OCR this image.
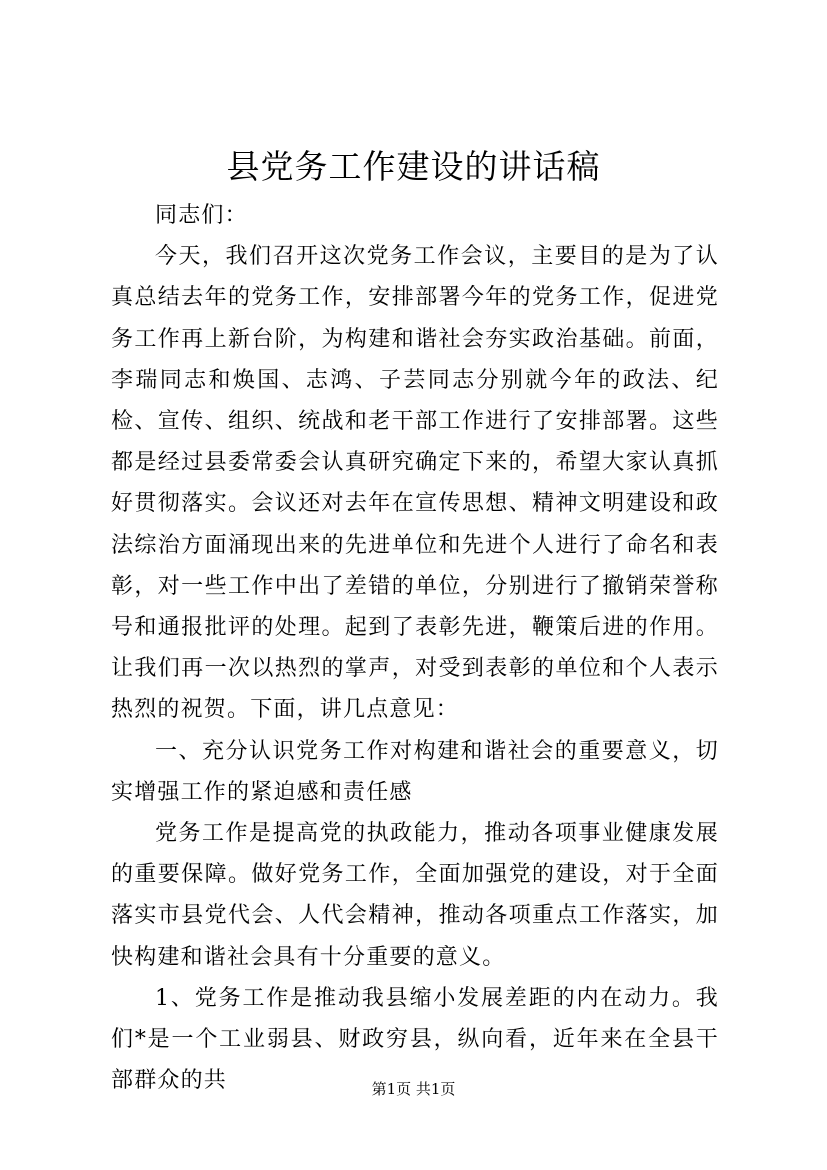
县党务工作建设的讲话稿

同志们：

今天，我们召开这次党务工作会议，主要目的是为了认真总结去年的党务工作，安排部署今年的党务工作，促进党务工作再上新台阶，为构建和谐社会夯实政治基础。前面，李瑞同志和焕国、志鸿、子芸同志分别就今年的政法、纪检、宣传、组织、统战和老干部工作进行了安排部署。这些都是经过县委常委会认真研究确定下来的，希望大家认真抓好贯彻落实。会议还对去年在宣传思想、精神文明建设和政法综治方面涌现出来的先进单位和先进个人进行了命名和表彰，对一些工作中出了差错的单位，分别进行了撤销荣誉称号和通报批评的处理。起到了表彰先进，鞭策后进的作用。让我们再一次以热烈的掌声，对受到表彰的单位和个人表示热烈的祝贺。下面，讲几点意见：

一、充分认识党务工作对构建和谐社会的重要意义，切实增强工作的紧迫感和责任感

党务工作是提高党的执政能力，推动各项事业健康发展的重要保障。做好党务工作，全面加强党的建设，对于全面落实市县党代会、人代会精神，推动各项重点工作落实，加快构建和谐社会具有十分重要的意义。

1、党务工作是推动我县缩小发展差距的内在动力。我们*是一个工业弱县、财政穷县，纵向看，近年来在全县干部群众的共	第1页 共1页
